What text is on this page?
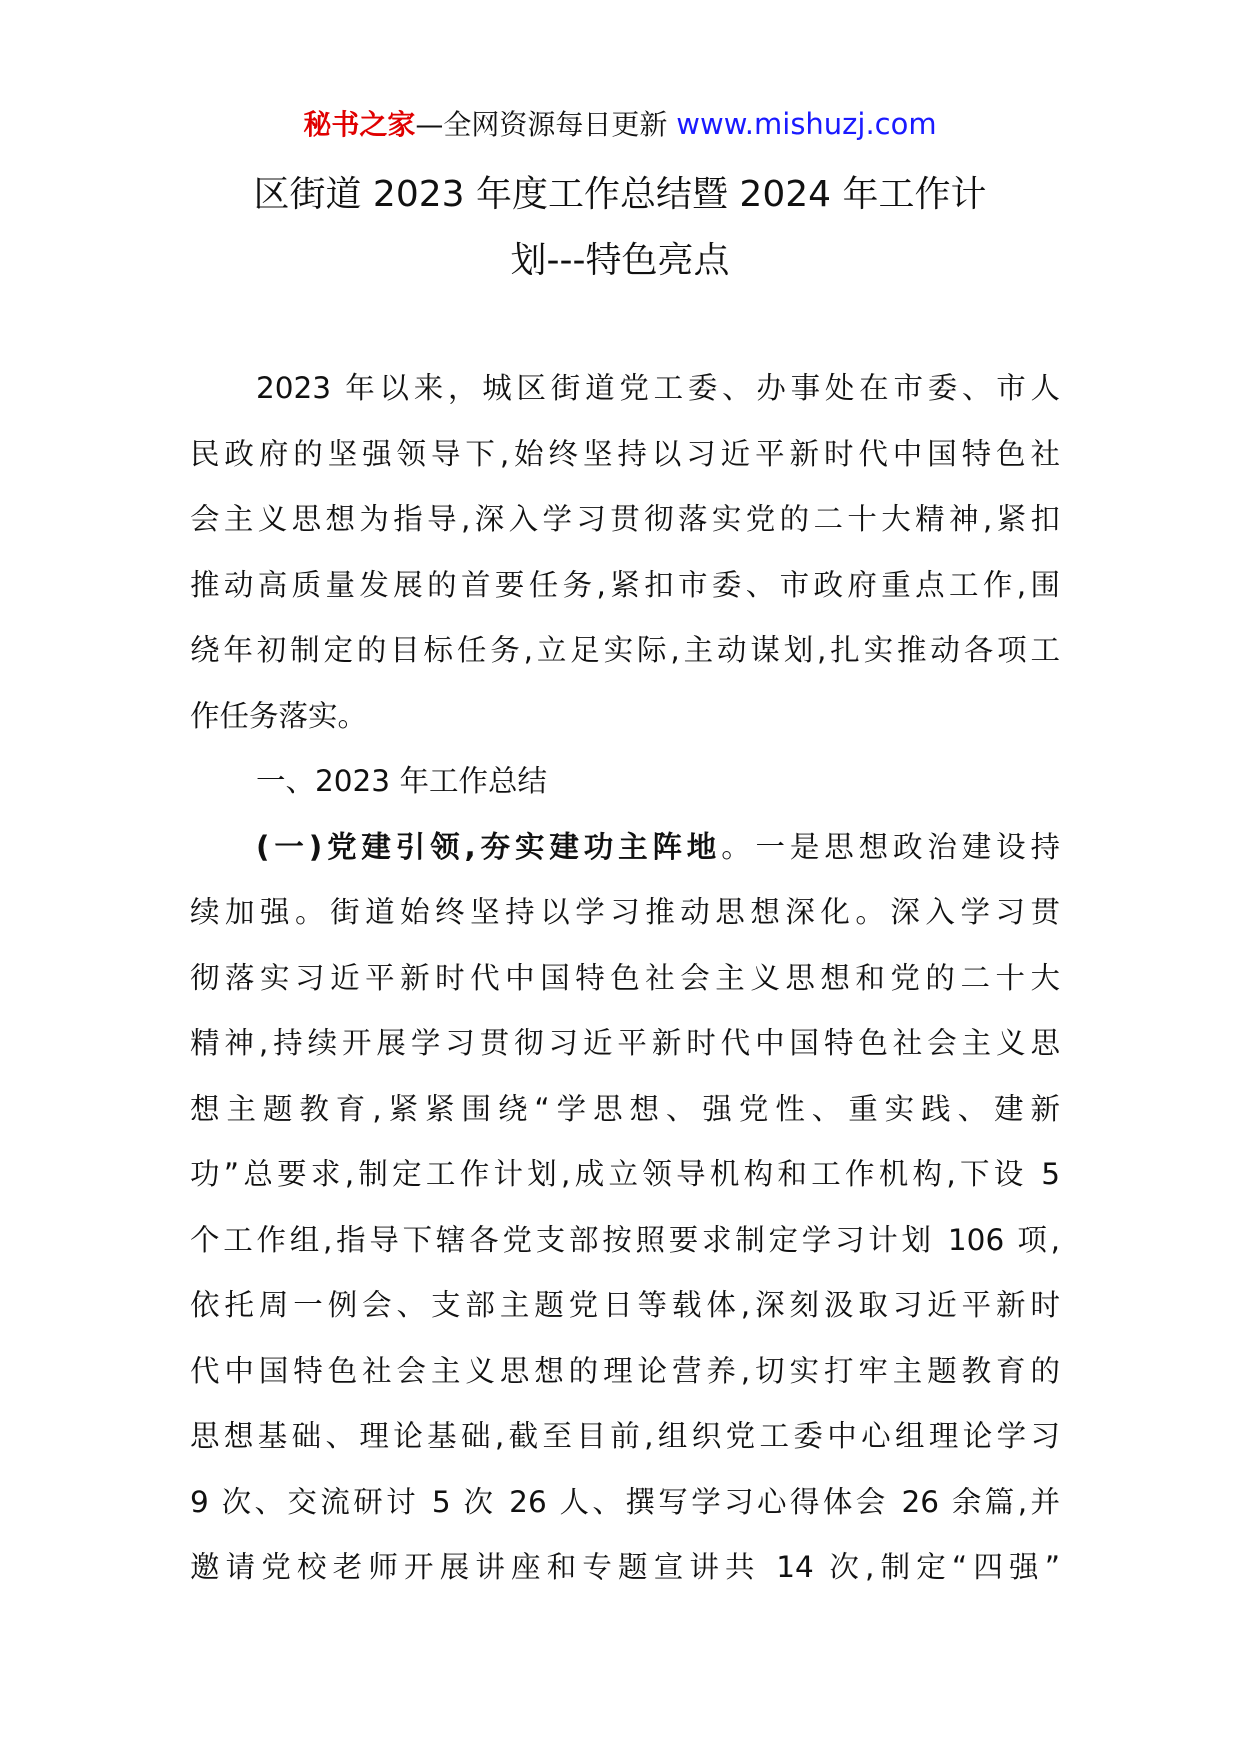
秘书之家—全网资源每日更新 www.mishuzj.com
区街道 2023 年度工作总结暨 2024 年工作计
划---特色亮点
2023 年以来，城区街道党工委、办事处在市委、市人
民政府的坚强领导下,始终坚持以习近平新时代中国特色社
会主义思想为指导,深入学习贯彻落实党的二十大精神,紧扣
推动高质量发展的首要任务,紧扣市委、市政府重点工作,围
绕年初制定的目标任务,立足实际,主动谋划,扎实推动各项工
作任务落实。
一、2023 年工作总结
(一)党建引领,夯实建功主阵地。一是思想政治建设持
续加强。街道始终坚持以学习推动思想深化。深入学习贯
彻落实习近平新时代中国特色社会主义思想和党的二十大
精神,持续开展学习贯彻习近平新时代中国特色社会主义思
想主题教育,紧紧围绕“学思想、强党性、重实践、建新
功”总要求,制定工作计划,成立领导机构和工作机构,下设 5
个工作组,指导下辖各党支部按照要求制定学习计划 106 项,
依托周一例会、支部主题党日等载体,深刻汲取习近平新时
代中国特色社会主义思想的理论营养,切实打牢主题教育的
思想基础、理论基础,截至目前,组织党工委中心组理论学习
9 次、交流研讨 5 次 26 人、撰写学习心得体会 26 余篇,并
邀请党校老师开展讲座和专题宣讲共 14 次,制定“四强”
